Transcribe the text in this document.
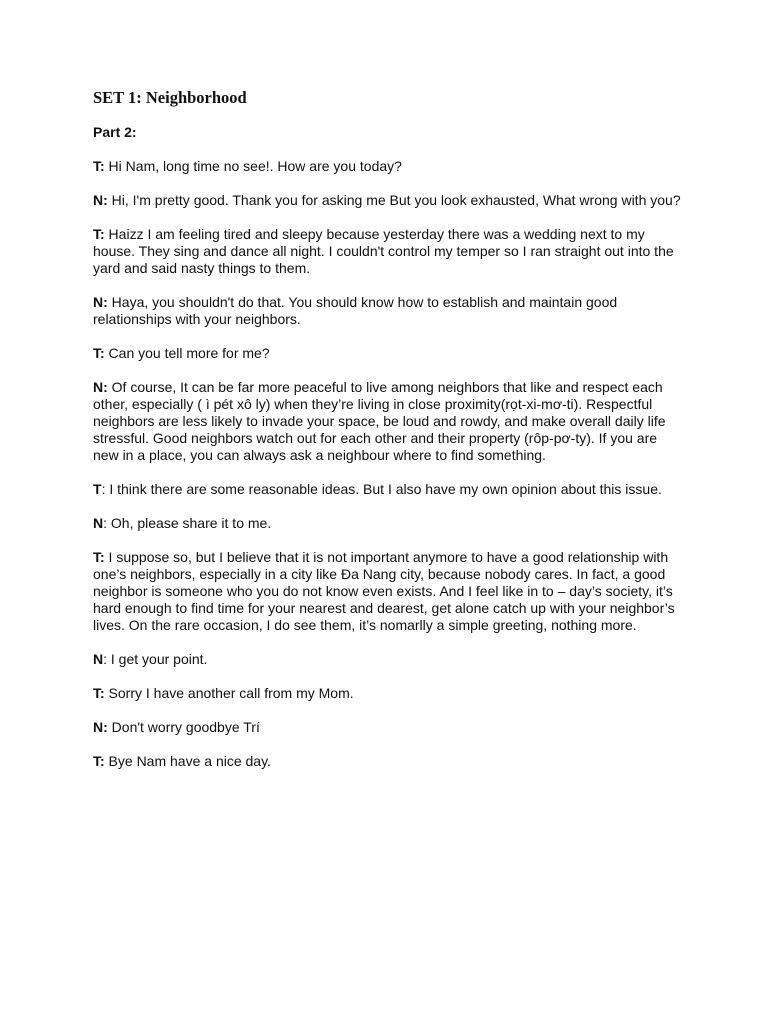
SET 1: Neighborhood
Part 2:

T: Hi Nam, long time no see!. How are you today?

N: Hi, I'm pretty good. Thank you for asking me But you look exhausted, What wrong with you?

T: Haizz I am feeling tired and sleepy because yesterday there was a wedding next to my house. They sing and dance all night. I couldn't control my temper so I ran straight out into the yard and said nasty things to them.

N: Haya, you shouldn't do that. You should know how to establish and maintain good relationships with your neighbors.

T: Can you tell more for me?

N: Of course, It can be far more peaceful to live among neighbors that like and respect each other, especially ( ì pét xô ly) when they’re living in close proximity(rọt-xi-mơ-ti). Respectful neighbors are less likely to invade your space, be loud and rowdy, and make overall daily life stressful. Good neighbors watch out for each other and their property (rôp-pơ-ty). If you are new in a place, you can always ask a neighbour where to find something.

T: I think there are some reasonable ideas. But I also have my own opinion about this issue.

N: Oh, please share it to me.

T: I suppose so, but I believe that it is not important anymore to have a good relationship with one’s neighbors, especially in a city like Đa Nang city, because nobody cares. In fact, a good neighbor is someone who you do not know even exists. And I feel like in to – day’s society, it’s hard enough to find time for your nearest and dearest, get alone catch up with your neighbor’s lives. On the rare occasion, I do see them, it’s nomarlly a simple greeting, nothing more.

N: I get your point.

T: Sorry I have another call from my Mom.

N: Don't worry goodbye Trí

T: Bye Nam have a nice day.
